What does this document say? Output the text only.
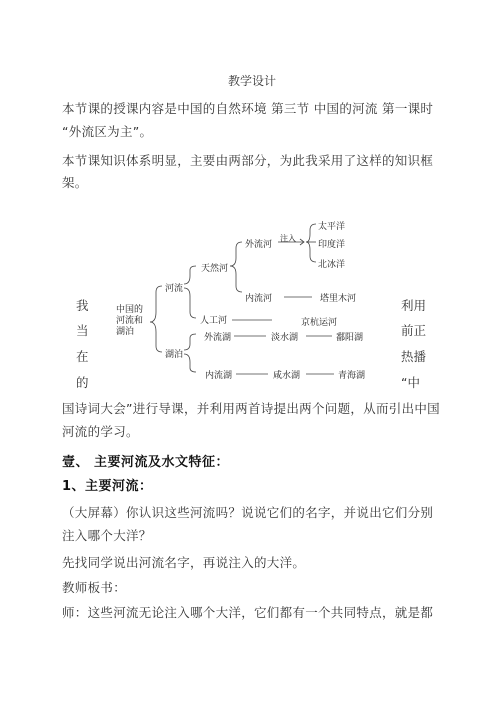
教学设计
本节课的授课内容是中国的自然环境 第三节 中国的河流 第一课时
“外流区为主”。
本节课知识体系明显，主要由两部分，为此我采用了这样的知识框
架。
我
当
在
的
利用
前正
热播
“中
中国的
河流和
湖泊
河流
湖泊
天然河
人工河
外流河
注入
太平洋
印度洋
北冰洋
内流河	塔里木河
京杭运河
外流湖	淡水湖	鄱阳湖
内流湖	咸水湖	青海湖
国诗词大会”进行导课，并利用两首诗提出两个问题，从而引出中国
河流的学习。
壹、 主要河流及水文特征：
1、主要河流：
（大屏幕）你认识这些河流吗？说说它们的名字，并说出它们分别
注入哪个大洋？
先找同学说出河流名字，再说注入的大洋。
教师板书：
师：这些河流无论注入哪个大洋，它们都有一个共同特点，就是都
